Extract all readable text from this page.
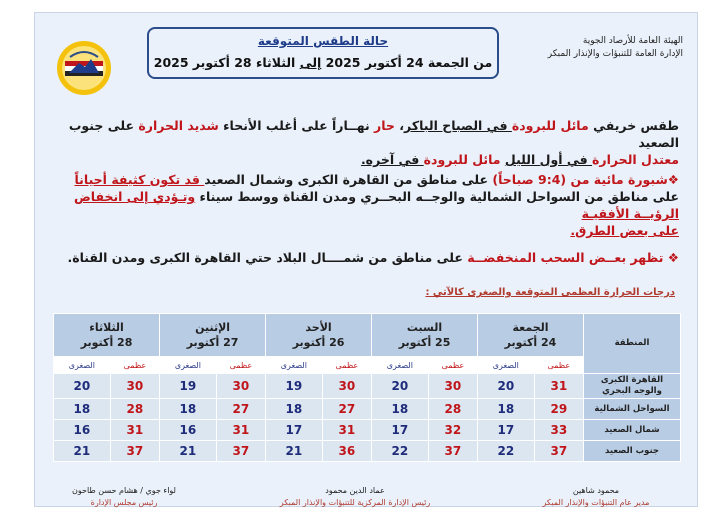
الهيئة العامة للأرصاد الجوية
الإدارة العامة للتنبؤات والإنذار المبكر
حالة الطقس المتوقعة
من الجمعة 24 أكتوبر 2025 إلى الثلاثاء 28 أكتوبر 2025
طقس خريفي مائل للبرودة في الصباح الباكر، حار نهــاراً على أغلب الأنحاء شديد الحرارة على جنوب الصعيد
معتدل الحرارة في أول الليل مائل للبرودة في آخره.
❖شبورة مائية من (9:4 صباحاً) على مناطق من القاهرة الكبرى وشمال الصعيد قد تكون كثيفة أحياناً على مناطق من السواحل الشمالية والوجــه البحــري ومدن القناة ووسط سيناء وتـؤدي إلى انخفاض الرؤيــة الأفقيـة
على بعض الطرق.
❖ تظهر بعــض السحب المنخفضــة على مناطق من شمــــال البلاد حتي القاهرة الكبرى ومدن القناة.
درجات الحرارة العظمى المتوقعة والصغرى كالآتي :
المنطقة	الجمعة
24 أكتوبر		السبت
25 أكتوبر		الأحد
26 أكتوبر		الإثنين
27 أكتوبر		الثلاثاء
28 أكتوبر	
	عظمى	الصغرى	عظمى	الصغرى	عظمى	الصغرى	عظمى	الصغرى	عظمى	الصغرى
القاهرة الكبرى
والوجه البحري	31	20	30	20	30	19	30	19	30	20
السواحل الشمالية	29	18	28	18	27	18	27	18	28	18
شمال الصعيد	33	17	32	17	31	17	31	16	31	16
جنوب الصعيد	37	22	37	22	36	21	37	21	37	21
محمود شاهين
مدير عام التنبؤات والإنذار المبكر
عماد الدين محمود
رئيس الإدارة المركزية للتنبؤات والإنذار المبكر
لواء جوي / هشام حسن طاحون
رئيس مجلس الإدارة
